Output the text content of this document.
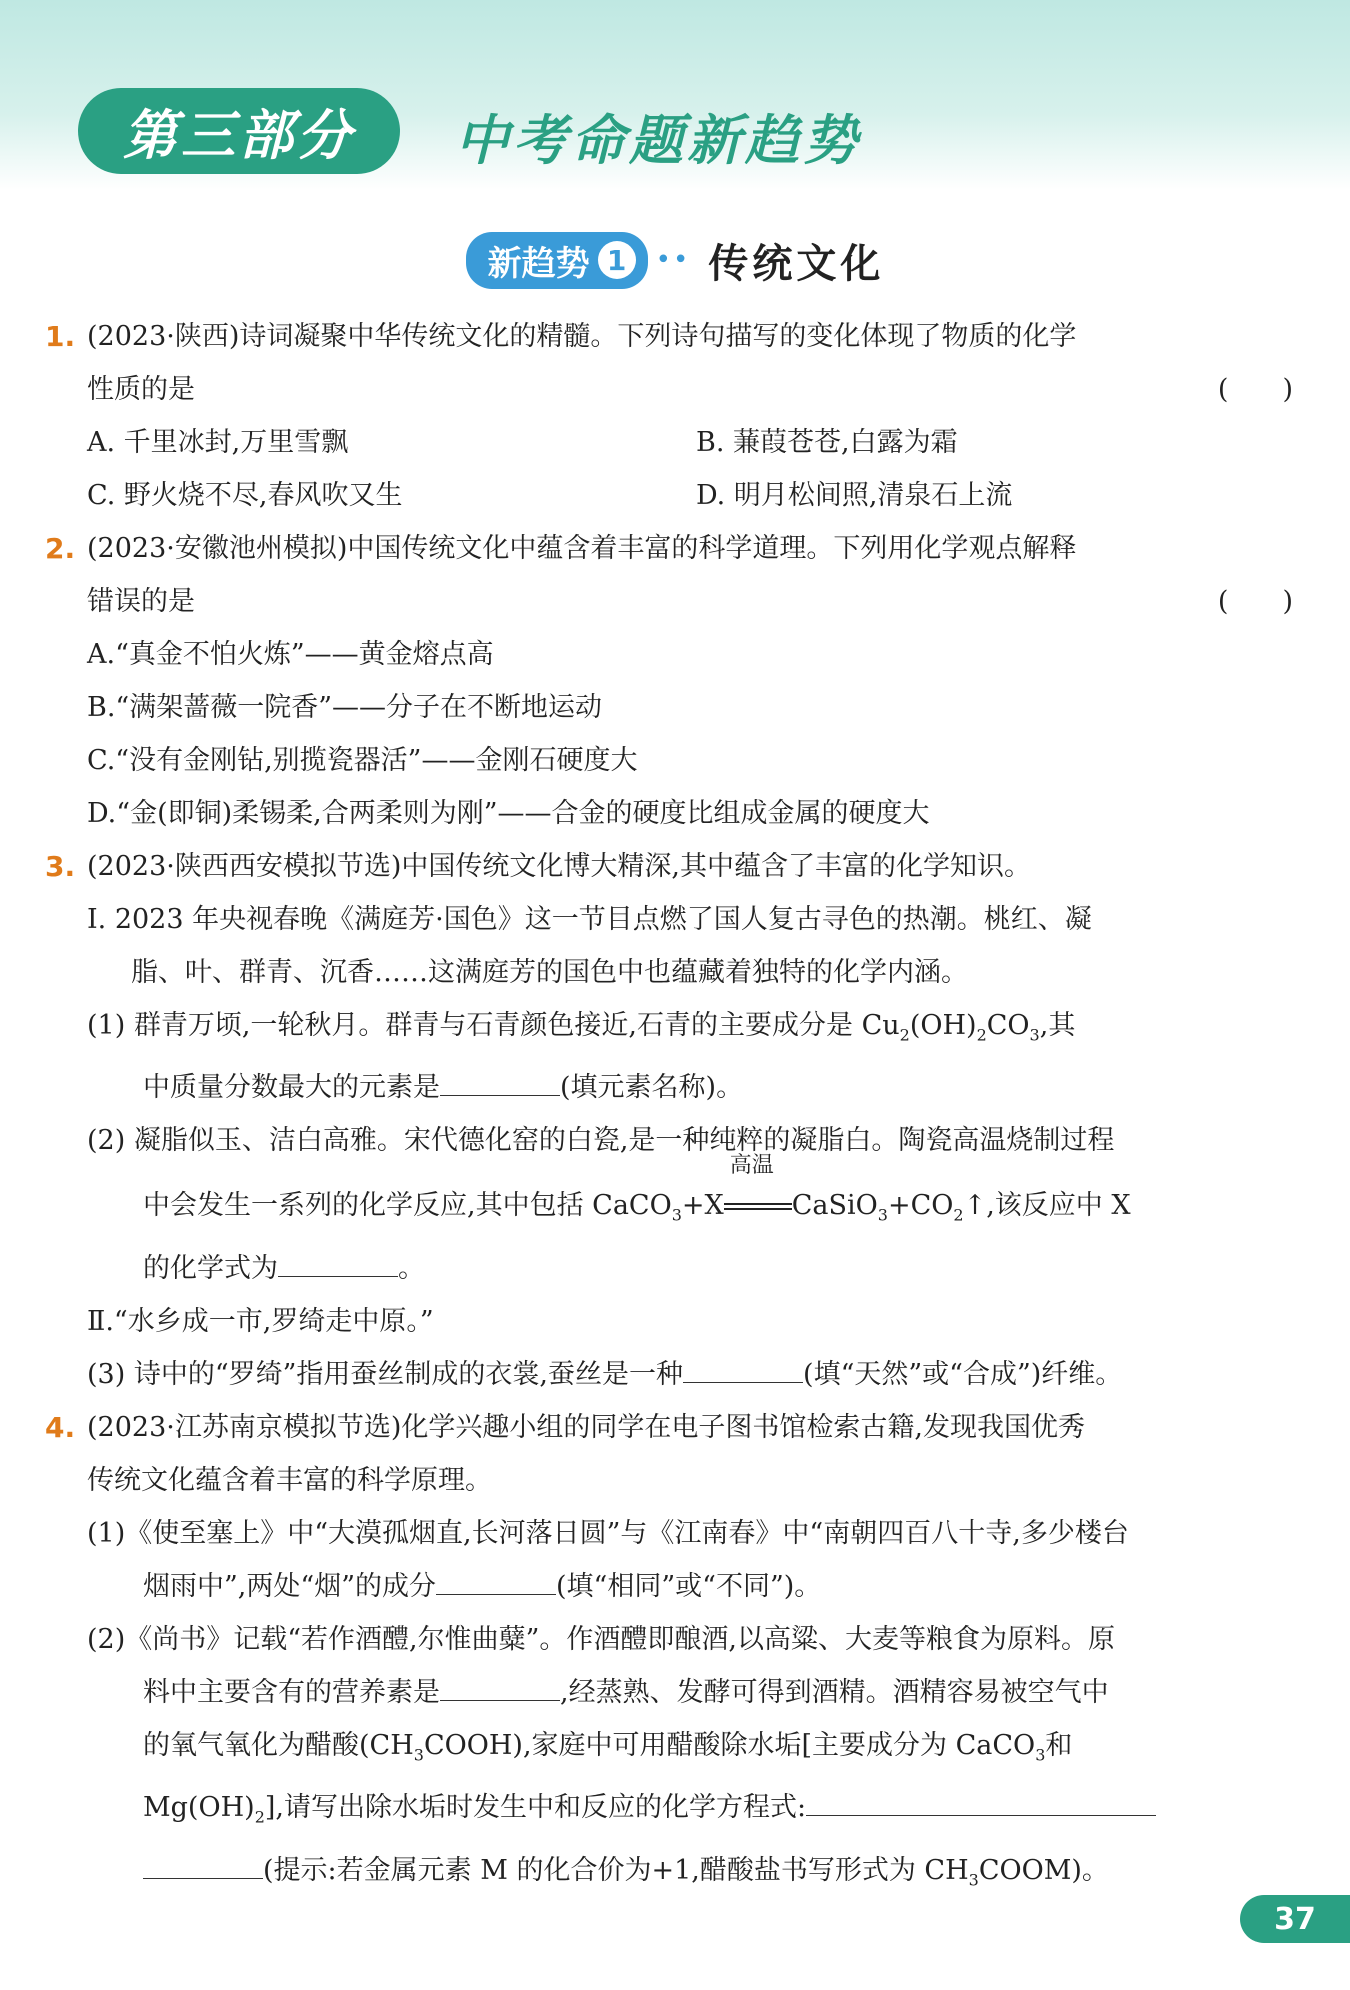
第三部分	中考命题新趋势
新趋势 1	•• 传统文化
1. (2023·陕西)诗词凝聚中华传统文化的精髓。下列诗句描写的变化体现了物质的化学
性质的是	(　　)
A. 千里冰封,万里雪飘	B. 蒹葭苍苍,白露为霜
C. 野火烧不尽,春风吹又生	D. 明月松间照,清泉石上流
2. (2023·安徽池州模拟)中国传统文化中蕴含着丰富的科学道理。下列用化学观点解释
错误的是	(　　)
A.“真金不怕火炼”——黄金熔点高
B.“满架蔷薇一院香”——分子在不断地运动
C.“没有金刚钻,别揽瓷器活”——金刚石硬度大
D.“金(即铜)柔锡柔,合两柔则为刚”——合金的硬度比组成金属的硬度大
3. (2023·陕西西安模拟节选)中国传统文化博大精深,其中蕴含了丰富的化学知识。
Ⅰ. 2023 年央视春晚《满庭芳·国色》这一节目点燃了国人复古寻色的热潮。桃红、凝
脂、叶、群青、沉香……这满庭芳的国色中也蕴藏着独特的化学内涵。
(1) 群青万顷,一轮秋月。群青与石青颜色接近,石青的主要成分是 $Cu_2(OH)_2CO_3$,其
中质量分数最大的元素是	(填元素名称)。
(2) 凝脂似玉、洁白高雅。宋代德化窑的白瓷,是一种纯粹的凝脂白。陶瓷高温烧制过程
中会发生一系列的化学反应,其中包括 CaCO$_3$+X
高温
$CaSiO_3+CO_2↑$,该反应中 X
的化学式为	。
Ⅱ.“水乡成一市,罗绮走中原。”
(3) 诗中的“罗绮”指用蚕丝制成的衣裳,蚕丝是一种	(填“天然”或“合成”)纤维。
4. (2023·江苏南京模拟节选)化学兴趣小组的同学在电子图书馆检索古籍,发现我国优秀
传统文化蕴含着丰富的科学原理。
(1)《使至塞上》中“大漠孤烟直,长河落日圆”与《江南春》中“南朝四百八十寺,多少楼台
烟雨中”,两处“烟”的成分	(填“相同”或“不同”)。
(2)《尚书》记载“若作酒醴,尔惟曲糵”。作酒醴即酿酒,以高粱、大麦等粮食为原料。原
料中主要含有的营养素是	,经蒸熟、发酵可得到酒精。酒精容易被空气中
的氧气氧化为醋酸$(CH_3COOH)$,家庭中可用醋酸除水垢[主要成分为 CaCO$_3$和
$Mg(OH)_2$],请写出除水垢时发生中和反应的化学方程式:
(提示:若金属元素 M 的化合价为+1,醋酸盐书写形式为 $CH_3COOM$)。
37
